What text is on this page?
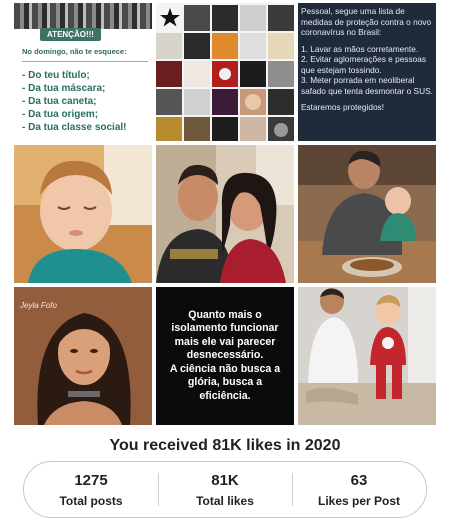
ATENÇÃO!!!
No domingo, não te esquece:
- Do teu título;
- Da tua máscara;
- Da tua caneta;
- Da tua origem;
- Da tua classe social!

Pessoal, segue uma lista de medidas de proteção contra o novo coronavírus no Brasil:

1. Lavar as mãos corretamente.

2. Evitar aglomerações e pessoas que estejam tossindo.

3. Meter porrada em neoliberal safado que tenta desmontar o SUS.

Estaremos protegidos!

Jeyla Fofo

Quanto mais o

isolamento funcionar

mais ele vai parecer

desnecessário.

A ciência não busca a

glória, busca a

eficiência.

You received 81K likes in 2020
1275
Total posts
81K
Total likes
63
Likes per Post
